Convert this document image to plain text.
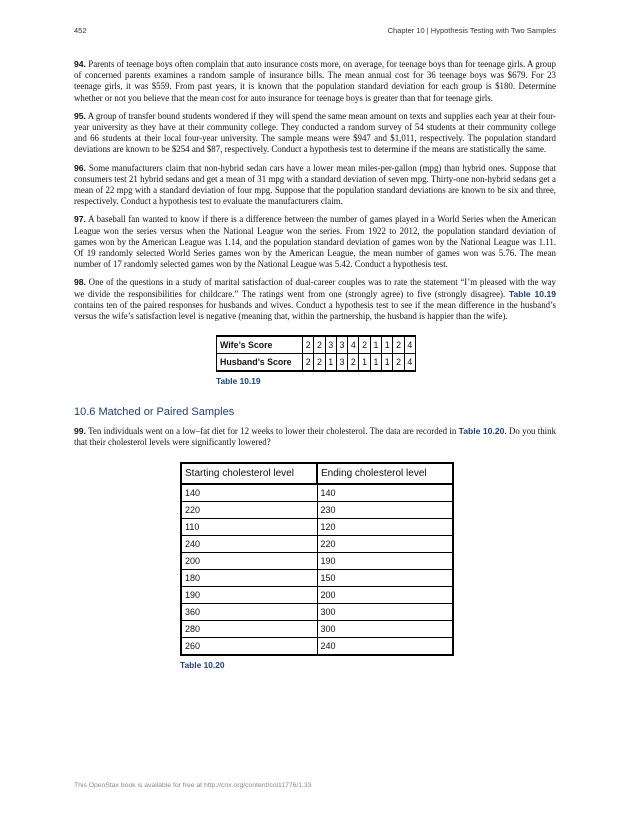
452	Chapter 10 | Hypothesis Testing with Two Samples

94. Parents of teenage boys often complain that auto insurance costs more, on average, for teenage boys than for teenage girls. A group of concerned parents examines a random sample of insurance bills. The mean annual cost for 36 teenage boys was $679. For 23 teenage girls, it was $559. From past years, it is known that the population standard deviation for each group is $180. Determine whether or not you believe that the mean cost for auto insurance for teenage boys is greater than that for teenage girls.

95. A group of transfer bound students wondered if they will spend the same mean amount on texts and supplies each year at their four-year university as they have at their community college. They conducted a random survey of 54 students at their community college and 66 students at their local four-year university. The sample means were $947 and $1,011, respectively. The population standard deviations are known to be $254 and $87, respectively. Conduct a hypothesis test to determine if the means are statistically the same.

96. Some manufacturers claim that non-hybrid sedan cars have a lower mean miles-per-gallon (mpg) than hybrid ones. Suppose that consumers test 21 hybrid sedans and get a mean of 31 mpg with a standard deviation of seven mpg. Thirty-one non-hybrid sedans get a mean of 22 mpg with a standard deviation of four mpg. Suppose that the population standard deviations are known to be six and three, respectively. Conduct a hypothesis test to evaluate the manufacturers claim.

97. A baseball fan wanted to know if there is a difference between the number of games played in a World Series when the American League won the series versus when the National League won the series. From 1922 to 2012, the population standard deviation of games won by the American League was 1.14, and the population standard deviation of games won by the National League was 1.11. Of 19 randomly selected World Series games won by the American League, the mean number of games won was 5.76. The mean number of 17 randomly selected games won by the National League was 5.42. Conduct a hypothesis test.

98. One of the questions in a study of marital satisfaction of dual-career couples was to rate the statement “I’m pleased with the way we divide the responsibilities for childcare.” The ratings went from one (strongly agree) to five (strongly disagree). Table 10.19 contains ten of the paired responses for husbands and wives. Conduct a hypothesis test to see if the mean difference in the husband’s versus the wife’s satisfaction level is negative (meaning that, within the partnership, the husband is happier than the wife).

Wife’s Score	2	2	3	3	4	2	1	1	2	4
Husband’s Score	2	2	1	3	2	1	1	1	2	4
Table 10.19
10.6 Matched or Paired Samples

99. Ten individuals went on a low–fat diet for 12 weeks to lower their cholesterol. The data are recorded in Table 10.20. Do you think that their cholesterol levels were significantly lowered?

Starting cholesterol level	Ending cholesterol level
140	140
220	230
110	120
240	220
200	190
180	150
190	200
360	300
280	300
260	240
Table 10.20
This OpenStax book is available for free at http://cnx.org/content/col11776/1.33
